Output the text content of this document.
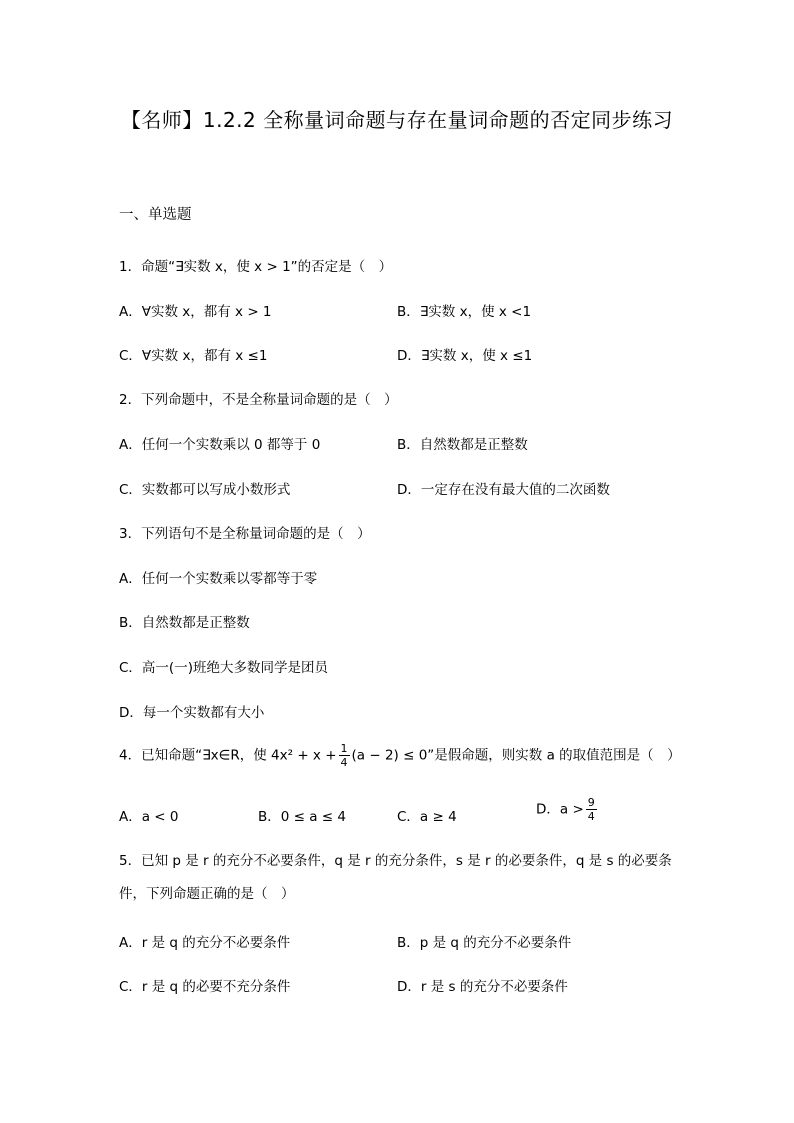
【名师】1.2.2 全称量词命题与存在量词命题的否定同步练习
一、单选题
1．命题“∃实数 x，使 x > 1”的否定是（　）
A．∀实数 x，都有 x > 1	B．∃实数 x，使 x <1
C．∀实数 x，都有 x ≤1	D．∃实数 x，使 x ≤1
2．下列命题中，不是全称量词命题的是（　）
A．任何一个实数乘以 0 都等于 0	B．自然数都是正整数
C．实数都可以写成小数形式	D．一定存在没有最大值的二次函数
3．下列语句不是全称量词命题的是（　）
A．任何一个实数乘以零都等于零
B．自然数都是正整数
C．高一(一)班绝大多数同学是团员
D．每一个实数都有大小
4．已知命题“∃x∈R，使 $4x^2 + x + \frac{1}{4} (a - 2) \le 0$”是假命题，则实数 a 的取值范围是（　）
A．a < 0	B．0 ≤ a ≤ 4	C．a ≥ 4	D．$a > \frac{9}{4}$
5．已知 p 是 r 的充分不必要条件，q 是 r 的充分条件，s 是 r 的必要条件，q 是 s 的必要条件，下列命题正确的是（　）
A．r 是 q 的充分不必要条件	B．p 是 q 的充分不必要条件
C．r 是 q 的必要不充分条件	D．r 是 s 的充分不必要条件
